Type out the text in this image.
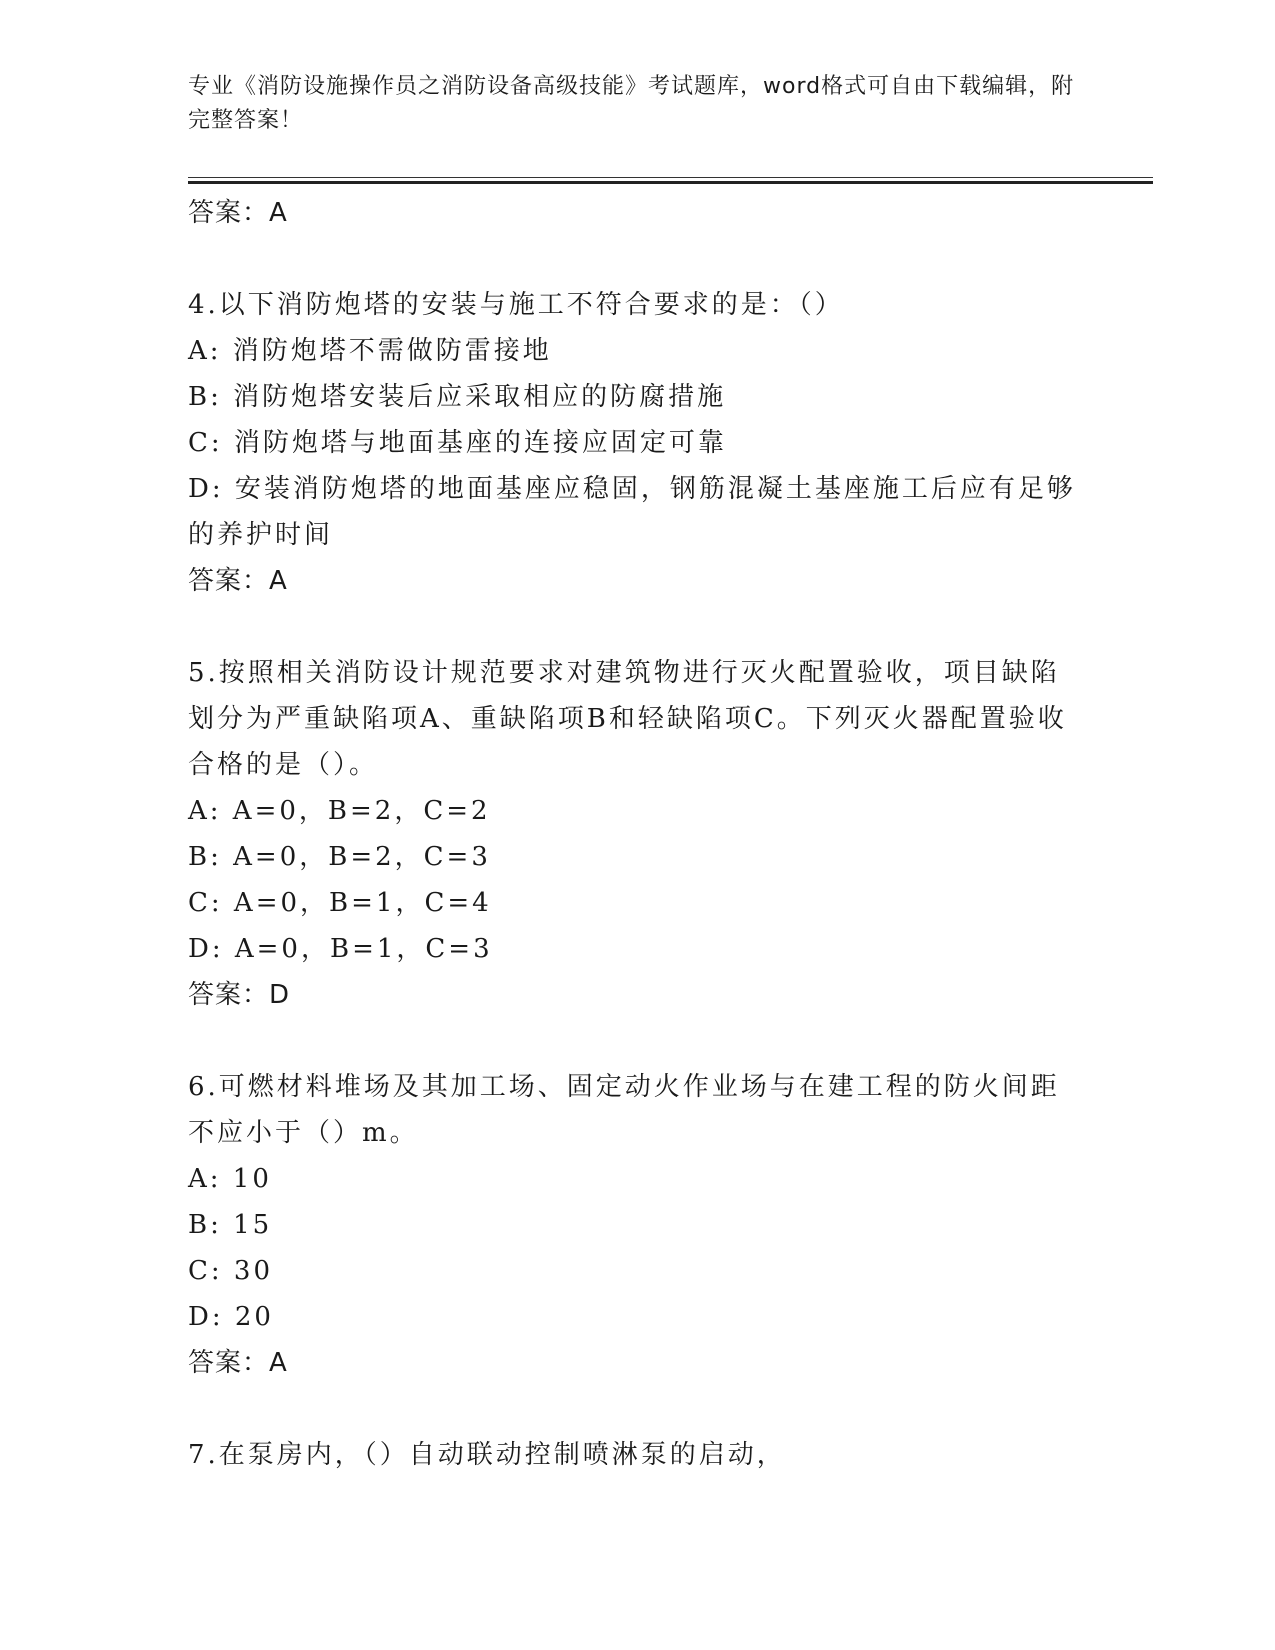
专业《消防设施操作员之消防设备高级技能》考试题库，word格式可自由下载编辑，附完整答案！
答案：A
4.以下消防炮塔的安装与施工不符合要求的是：（）
A: 消防炮塔不需做防雷接地
B: 消防炮塔安装后应采取相应的防腐措施
C: 消防炮塔与地面基座的连接应固定可靠
D: 安装消防炮塔的地面基座应稳固，钢筋混凝土基座施工后应有足够的养护时间
答案：A
5.按照相关消防设计规范要求对建筑物进行灭火配置验收，项目缺陷划分为严重缺陷项A、重缺陷项B和轻缺陷项C。下列灭火器配置验收合格的是（）。
A: A=0，B=2，C=2
B: A=0，B=2，C=3
C: A=0，B=1，C=4
D: A=0，B=1，C=3
答案：D
6.可燃材料堆场及其加工场、固定动火作业场与在建工程的防火间距不应小于（）m。
A: 10
B: 15
C: 30
D: 20
答案：A
7.在泵房内，（）自动联动控制喷淋泵的启动，
